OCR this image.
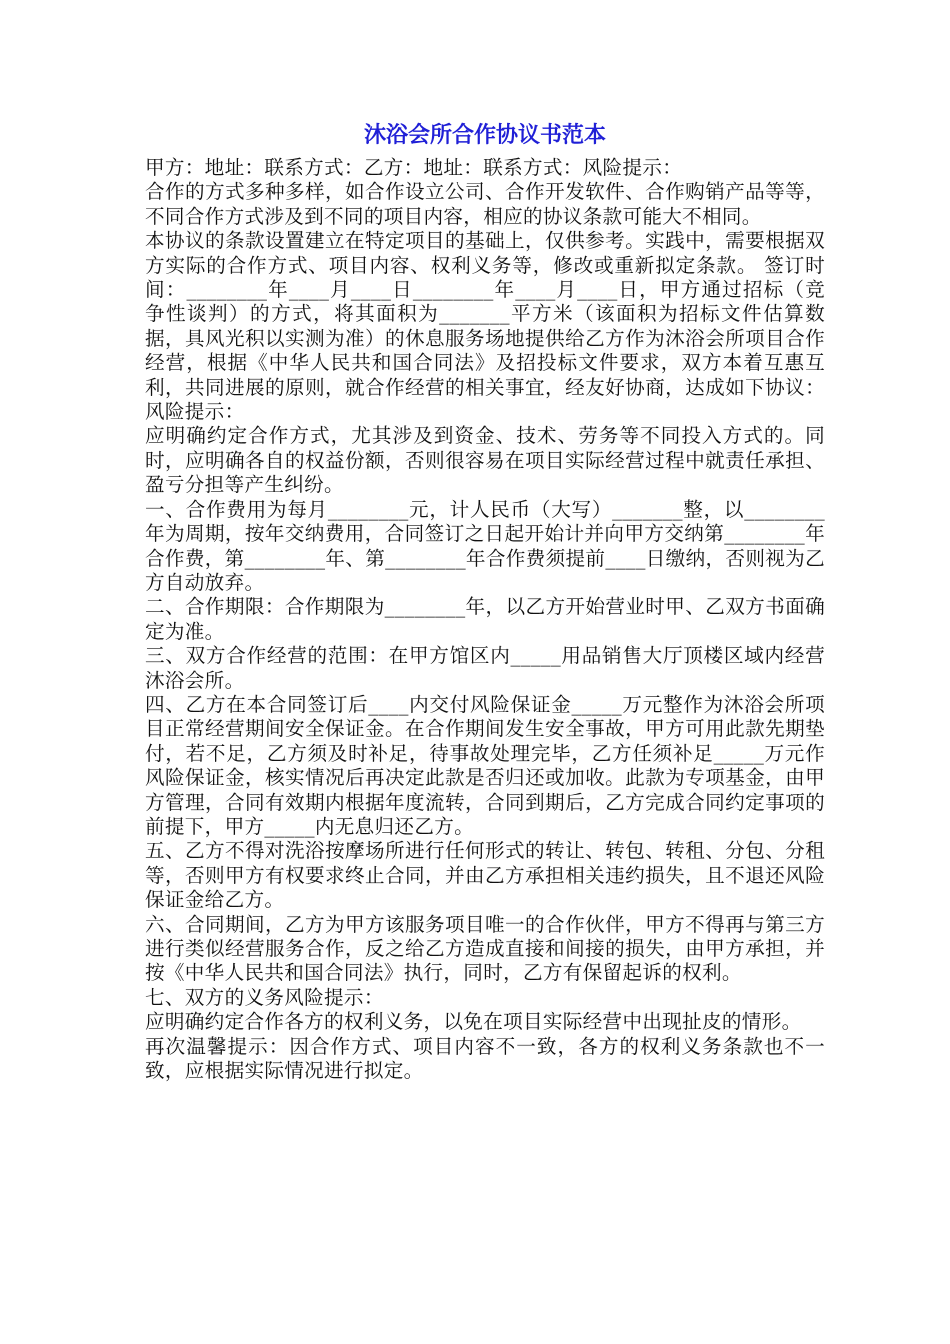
沐浴会所合作协议书范本

甲方：地址：联系方式：乙方：地址：联系方式：风险提示：

合作的方式多种多样，如合作设立公司、合作开发软件、合作购销产品等等，不同合作方式涉及到不同的项目内容，相应的协议条款可能大不相同。

本协议的条款设置建立在特定项目的基础上，仅供参考。实践中，需要根据双方实际的合作方式、项目内容、权利义务等，修改或重新拟定条款。 签订时间：________年____月____日________年____月____日，甲方通过招标（竞争性谈判）的方式，将其面积为_______平方米（该面积为招标文件估算数据，具风光积以实测为准）的休息服务场地提供给乙方作为沐浴会所项目合作经营，根据《中华人民共和国合同法》及招投标文件要求，双方本着互惠互利，共同进展的原则，就合作经营的相关事宜，经友好协商，达成如下协议：风险提示：

应明确约定合作方式，尤其涉及到资金、技术、劳务等不同投入方式的。同时，应明确各自的权益份额，否则很容易在项目实际经营过程中就责任承担、盈亏分担等产生纠纷。

一、合作费用为每月________元，计人民币（大写）_______整，以________年为周期，按年交纳费用，合同签订之日起开始计并向甲方交纳第________年合作费，第________年、第________年合作费须提前____日缴纳，否则视为乙方自动放弃。

二、合作期限：合作期限为________年，以乙方开始营业时甲、乙双方书面确定为准。

三、双方合作经营的范围：在甲方馆区内_____用品销售大厅顶楼区域内经营沐浴会所。

四、乙方在本合同签订后____内交付风险保证金_____万元整作为沐浴会所项目正常经营期间安全保证金。在合作期间发生安全事故，甲方可用此款先期垫付，若不足，乙方须及时补足，待事故处理完毕，乙方任须补足_____万元作风险保证金，核实情况后再决定此款是否归还或加收。此款为专项基金，由甲方管理，合同有效期内根据年度流转，合同到期后，乙方完成合同约定事项的前提下，甲方_____内无息归还乙方。

五、乙方不得对洗浴按摩场所进行任何形式的转让、转包、转租、分包、分租等，否则甲方有权要求终止合同，并由乙方承担相关违约损失，且不退还风险保证金给乙方。

六、合同期间，乙方为甲方该服务项目唯一的合作伙伴，甲方不得再与第三方进行类似经营服务合作，反之给乙方造成直接和间接的损失，由甲方承担，并按《中华人民共和国合同法》执行，同时，乙方有保留起诉的权利。

七、双方的义务风险提示：

应明确约定合作各方的权利义务，以免在项目实际经营中出现扯皮的情形。

再次温馨提示：因合作方式、项目内容不一致，各方的权利义务条款也不一致，应根据实际情况进行拟定。
